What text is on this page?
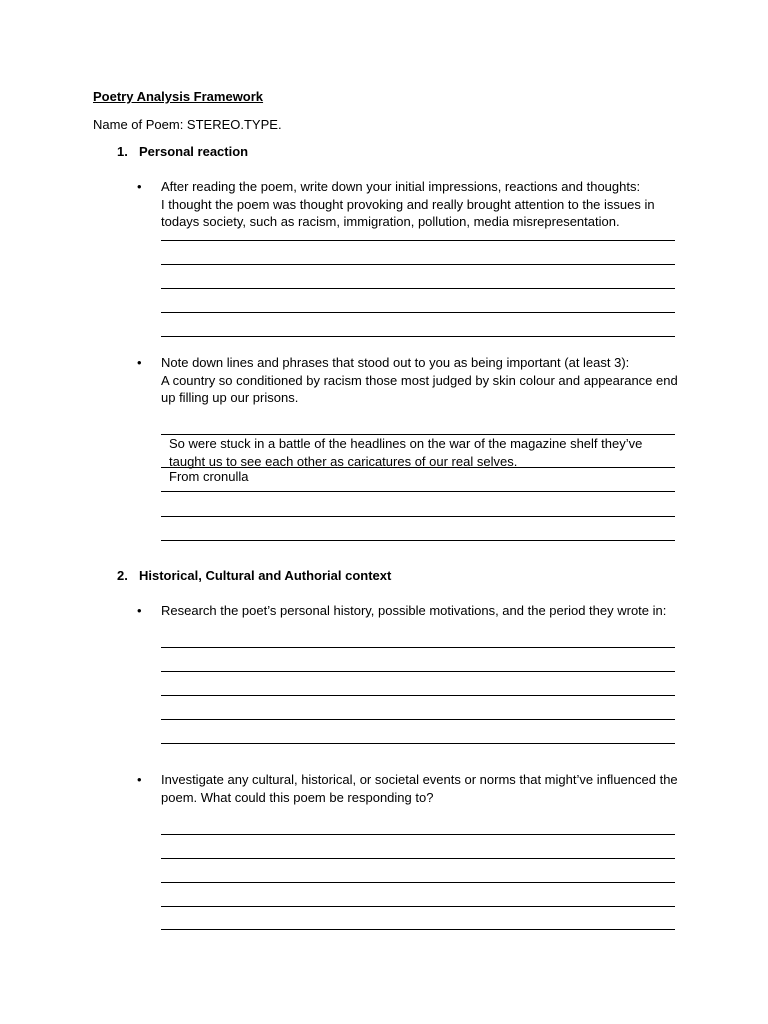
Poetry Analysis Framework
Name of Poem: STEREO.TYPE.
1. Personal reaction
• After reading the poem, write down your initial impressions, reactions and thoughts:
I thought the poem was thought provoking and really brought attention to the issues in todays society, such as racism, immigration, pollution, media misrepresentation.
• Note down lines and phrases that stood out to you as being important (at least 3):
A country so conditioned by racism those most judged by skin colour and appearance end up filling up our prisons.
So were stuck in a battle of the headlines on the war of the magazine shelf they’ve taught us to see each other as caricatures of our real selves.
From cronulla
2. Historical, Cultural and Authorial context
• Research the poet’s personal history, possible motivations, and the period they wrote in:
• Investigate any cultural, historical, or societal events or norms that might’ve influenced the poem. What could this poem be responding to?
